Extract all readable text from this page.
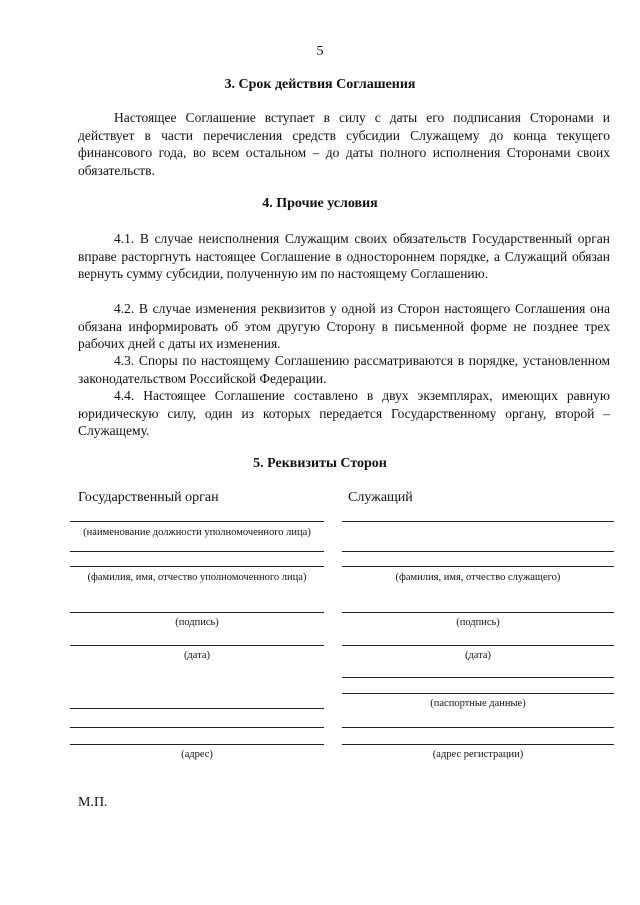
5
3. Срок действия Соглашения
Настоящее Соглашение вступает в силу с даты его подписания Сторонами и действует в части перечисления средств субсидии Служащему до конца текущего финансового года, во всем остальном – до даты полного исполнения Сторонами своих обязательств.
4. Прочие условия
4.1. В случае неисполнения Служащим своих обязательств Государственный орган вправе расторгнуть настоящее Соглашение в одностороннем порядке, а Служащий обязан вернуть сумму субсидии, полученную им по настоящему Соглашению.
4.2. В случае изменения реквизитов у одной из Сторон настоящего Соглашения она обязана информировать об этом другую Сторону в письменной форме не позднее трех рабочих дней с даты их изменения.
4.3. Споры по настоящему Соглашению рассматриваются в порядке, установленном законодательством Российской Федерации.
4.4. Настоящее Соглашение составлено в двух экземплярах, имеющих равную юридическую силу, один из которых передается Государственному органу, второй – Служащему.
5. Реквизиты Сторон
Государственный орган
(наименование должности уполномоченного лица)
(фамилия, имя, отчество уполномоченного лица)
(подпись)
(дата)
(адрес)
Служащий
(фамилия, имя, отчество служащего)
(подпись)
(дата)
(паспортные данные)
(адрес регистрации)
М.П.
